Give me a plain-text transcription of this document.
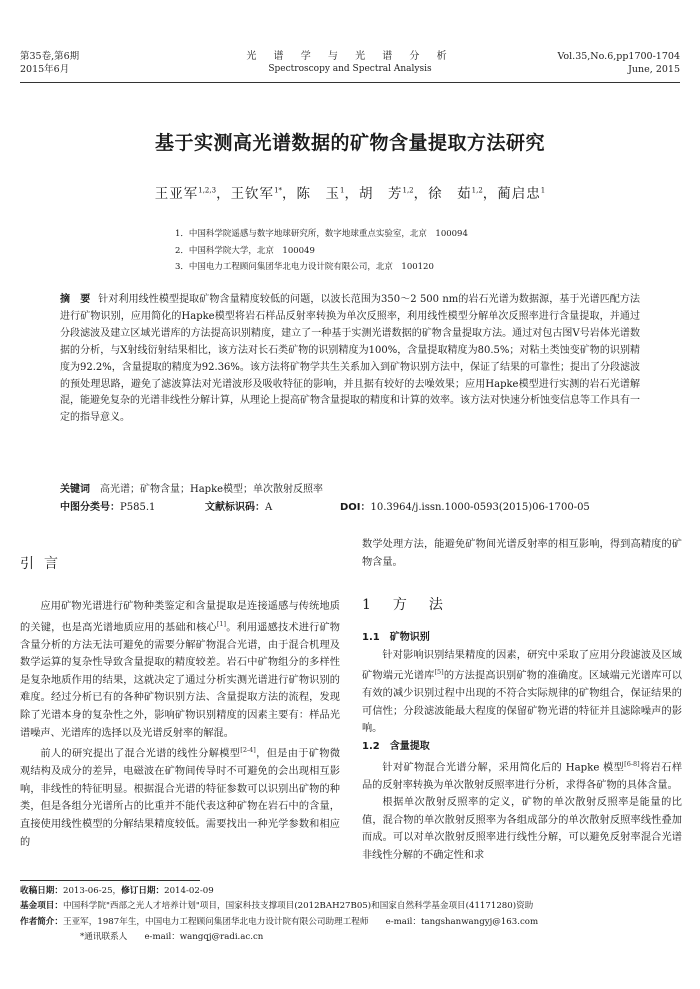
第35卷,第6期
2015年6月
光 谱 学 与 光 谱 分 析
Spectroscopy and Spectral Analysis
Vol.35,No.6,pp1700-1704
June, 2015
基于实测高光谱数据的矿物含量提取方法研究
王亚军$^{1,2,3}$，王钦军$^{1*}$，陈　玉$^1$，胡　芳$^{1,2}$，徐　茹$^{1,2}$，蔺启忠$^1$
1．中国科学院遥感与数字地球研究所，数字地球重点实验室，北京　100094
2．中国科学院大学，北京　100049
3．中国电力工程顾问集团华北电力设计院有限公司，北京　100120
摘　要 针对利用线性模型提取矿物含量精度较低的问题，以波长范围为350～2 500 nm的岩石光谱为数据源，基于光谱匹配方法进行矿物识别，应用简化的Hapke模型将岩石样品反射率转换为单次反照率，利用线性模型分解单次反照率进行含量提取，并通过分段滤波及建立区域光谱库的方法提高识别精度，建立了一种基于实测光谱数据的矿物含量提取方法。通过对包古图V号岩体光谱数据的分析，与X射线衍射结果相比，该方法对长石类矿物的识别精度为100%，含量提取精度为80.5%；对粘土类蚀变矿物的识别精度为92.2%，含量提取的精度为92.36%。该方法将矿物学共生关系加入到矿物识别方法中，保证了结果的可靠性；提出了分段滤波的预处理思路，避免了滤波算法对光谱波形及吸收特征的影响，并且据有较好的去噪效果；应用Hapke模型进行实测的岩石光谱解混，能避免复杂的光谱非线性分解计算，从理论上提高矿物含量提取的精度和计算的效率。该方法对快速分析蚀变信息等工作具有一定的指导意义。
关键词 高光谱；矿物含量；Hapke模型；单次散射反照率
中图分类号：P585.1	文献标识码：A	DOI：10.3964/j.issn.1000-0593(2015)06-1700-05
引言

应用矿物光谱进行矿物种类鉴定和含量提取是连接遥感与传统地质的关键，也是高光谱地质应用的基础和核心[1]。利用遥感技术进行矿物含量分析的方法无法可避免的需要分解矿物混合光谱，由于混合机理及数学运算的复杂性导致含量提取的精度较差。岩石中矿物组分的多样性是复杂地质作用的结果，这就决定了通过分析实测光谱进行矿物识别的难度。经过分析已有的各种矿物识别方法、含量提取方法的流程，发现除了光谱本身的复杂性之外，影响矿物识别精度的因素主要有：样品光谱噪声、光谱库的选择以及光谱反射率的解混。

前人的研究提出了混合光谱的线性分解模型[2-4]，但是由于矿物微观结构及成分的差异，电磁波在矿物间传导时不可避免的会出现相互影响，非线性的特征明显。根据混合光谱的特征参数可以识别出矿物的种类，但是各组分光谱所占的比重并不能代表这种矿物在岩石中的含量，直接使用线性模型的分解结果精度较低。需要找出一种光学参数和相应的

数学处理方法，能避免矿物间光谱反射率的相互影响，得到高精度的矿物含量。

1　方　法
1.1　矿物识别

针对影响识别结果精度的因素，研究中采取了应用分段滤波及区域矿物端元光谱库[5]的方法提高识别矿物的准确度。区域端元光谱库可以有效的减少识别过程中出现的不符合实际规律的矿物组合，保证结果的可信性；分段滤波能最大程度的保留矿物光谱的特征并且滤除噪声的影响。

1.2　含量提取

针对矿物混合光谱分解，采用简化后的 Hapke 模型[6-8]将岩石样品的反射率转换为单次散射反照率进行分析，求得各矿物的具体含量。

根据单次散射反照率的定义，矿物的单次散射反照率是能量的比值，混合物的单次散射反照率为各组成部分的单次散射反照率线性叠加而成。可以对单次散射反照率进行线性分解，可以避免反射率混合光谱非线性分解的不确定性和求

收稿日期：2013-06-25，修订日期：2014-02-09
基金项目：中国科学院"西部之光人才培养计划"项目，国家科技支撑项目(2012BAH27B05)和国家自然科学基金项目(41171280)资助
作者简介：王亚军，1987年生，中国电力工程顾问集团华北电力设计院有限公司助理工程师　　e-mail：tangshanwangyj@163.com
*通讯联系人　　e-mail：wangqj@radi.ac.cn
